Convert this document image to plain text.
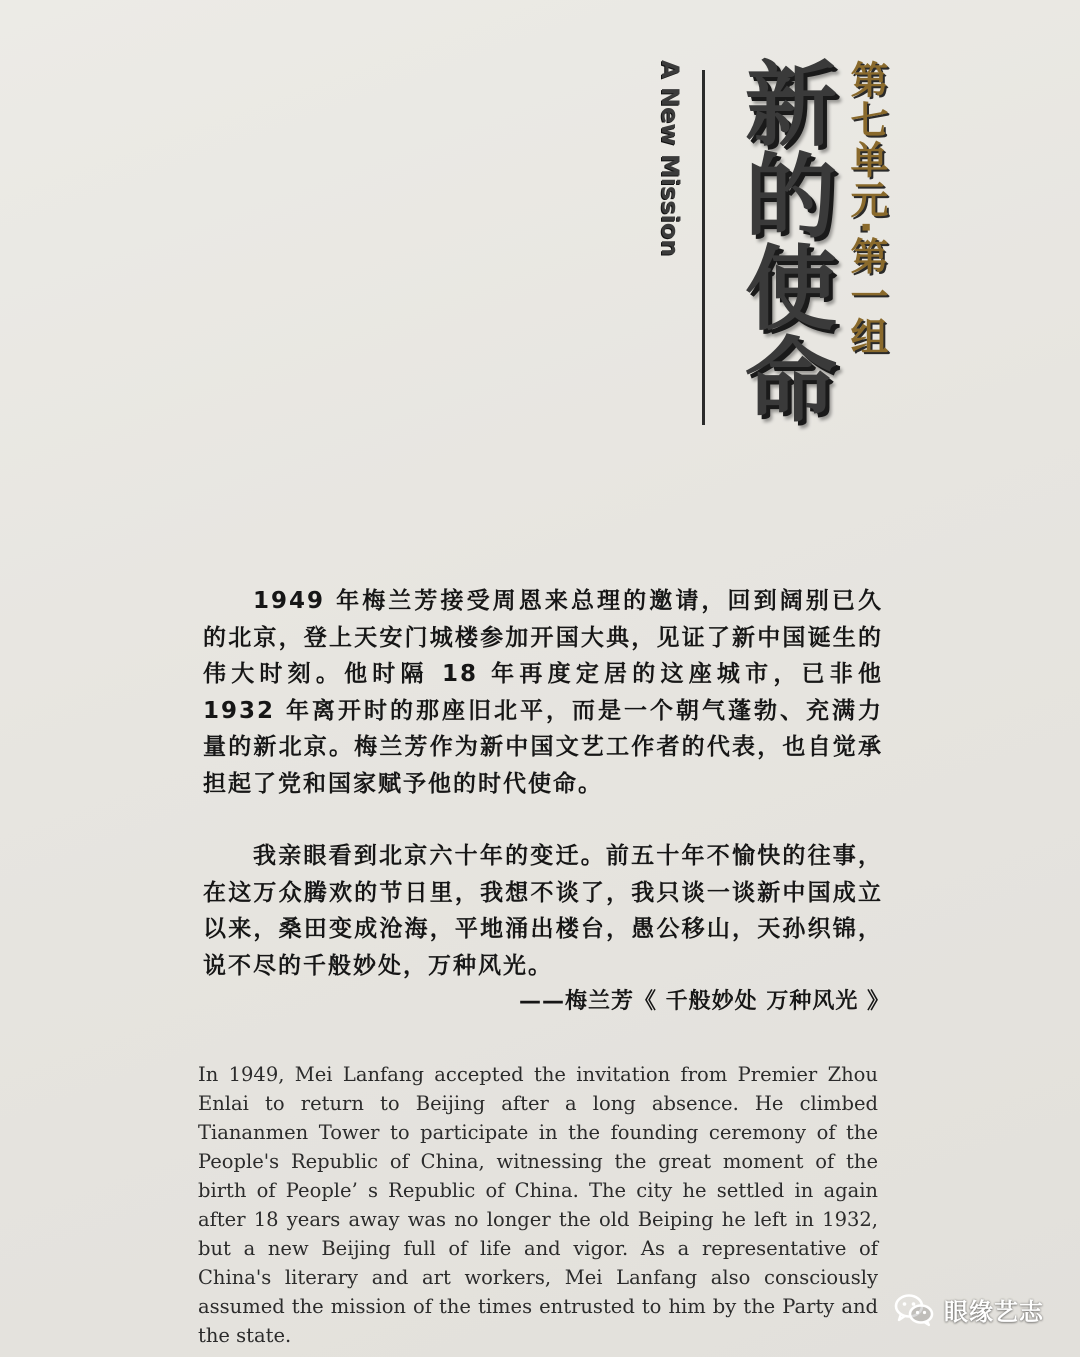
A New Mission 新的使命 第七单元·第一组

1949 年梅兰芳接受周恩来总理的邀请，回到阔别已久的北京，登上天安门城楼参加开国大典，见证了新中国诞生的伟大时刻。他时隔 18 年再度定居的这座城市，已非他 1932 年离开时的那座旧北平，而是一个朝气蓬勃、充满力量的新北京。梅兰芳作为新中国文艺工作者的代表，也自觉承担起了党和国家赋予他的时代使命。

我亲眼看到北京六十年的变迁。前五十年不愉快的往事，在这万众腾欢的节日里，我想不谈了，我只谈一谈新中国成立以来，桑田变成沧海，平地涌出楼台，愚公移山，天孙织锦，说不尽的千般妙处，万种风光。

——梅兰芳《 千般妙处 万种风光 》

In 1949, Mei Lanfang accepted the invitation from Premier Zhou Enlai to return to Beijing after a long absence. He climbed Tiananmen Tower to participate in the founding ceremony of the People's Republic of China, witnessing the great moment of the birth of People’ s Republic of China. The city he settled in again after 18 years away was no longer the old Beiping he left in 1932, but a new Beijing full of life and vigor. As a representative of China's literary and art workers, Mei Lanfang also consciously assumed the mission of the times entrusted to him by the Party and the state.

眼缘艺志
